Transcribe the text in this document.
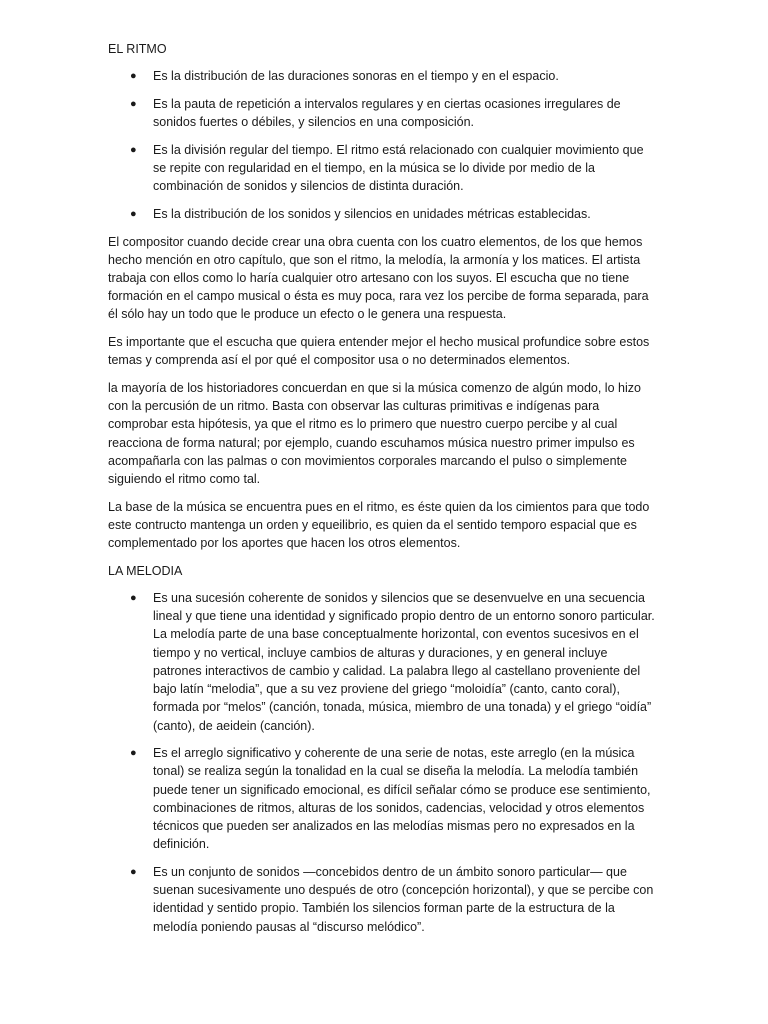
EL RITMO
● Es la distribución de las duraciones sonoras en el tiempo y en el espacio.
● Es la pauta de repetición a intervalos regulares y en ciertas ocasiones irregulares de sonidos fuertes o débiles, y silencios en una composición.
● Es la división regular del tiempo. El ritmo está relacionado con cualquier movimiento que se repite con regularidad en el tiempo, en la música se lo divide por medio de la combinación de sonidos y silencios de distinta duración.
● Es la distribución de los sonidos y silencios en unidades métricas establecidas.

El compositor cuando decide crear una obra cuenta con los cuatro elementos, de los que hemos hecho mención en otro capítulo, que son el ritmo, la melodía, la armonía y los matices. El artista trabaja con ellos como lo haría cualquier otro artesano con los suyos. El escucha que no tiene formación en el campo musical o ésta es muy poca, rara vez los percibe de forma separada, para él sólo hay un todo que le produce un efecto o le genera una respuesta.

Es importante que el escucha que quiera entender mejor el hecho musical profundice sobre estos temas y comprenda así el por qué el compositor usa o no determinados elementos.

la mayoría de los historiadores concuerdan en que si la música comenzo de algún modo, lo hizo con la percusión de un ritmo. Basta con observar las culturas primitivas e indígenas para comprobar esta hipótesis, ya que el ritmo es lo primero que nuestro cuerpo percibe y al cual reacciona de forma natural; por ejemplo, cuando escuhamos música nuestro primer impulso es acompañarla con las palmas o con movimientos corporales marcando el pulso o simplemente siguiendo el ritmo como tal.

La base de la música se encuentra pues en el ritmo, es éste quien da los cimientos para que todo este contructo mantenga un orden y equeilibrio, es quien da el sentido temporo espacial que es complementado por los aportes que hacen los otros elementos.

LA MELODIA
● Es una sucesión coherente de sonidos y silencios que se desenvuelve en una secuencia lineal y que tiene una identidad y significado propio dentro de un entorno sonoro particular. La melodía parte de una base conceptualmente horizontal, con eventos sucesivos en el tiempo y no vertical, incluye cambios de alturas y duraciones, y en general incluye patrones interactivos de cambio y calidad. La palabra llego al castellano proveniente del bajo latín “melodia”, que a su vez proviene del griego “moloidía” (canto, canto coral), formada por “melos” (canción, tonada, música, miembro de una tonada) y el griego “oidía” (canto), de aeidein (canción).
● Es el arreglo significativo y coherente de una serie de notas, este arreglo (en la música tonal) se realiza según la tonalidad en la cual se diseña la melodía. La melodía también puede tener un significado emocional, es difícil señalar cómo se produce ese sentimiento, combinaciones de ritmos, alturas de los sonidos, cadencias, velocidad y otros elementos técnicos que pueden ser analizados en las melodías mismas pero no expresados en la definición.
● Es un conjunto de sonidos —concebidos dentro de un ámbito sonoro particular— que suenan sucesivamente uno después de otro (concepción horizontal), y que se percibe con identidad y sentido propio. También los silencios forman parte de la estructura de la melodía poniendo pausas al “discurso melódico”.
